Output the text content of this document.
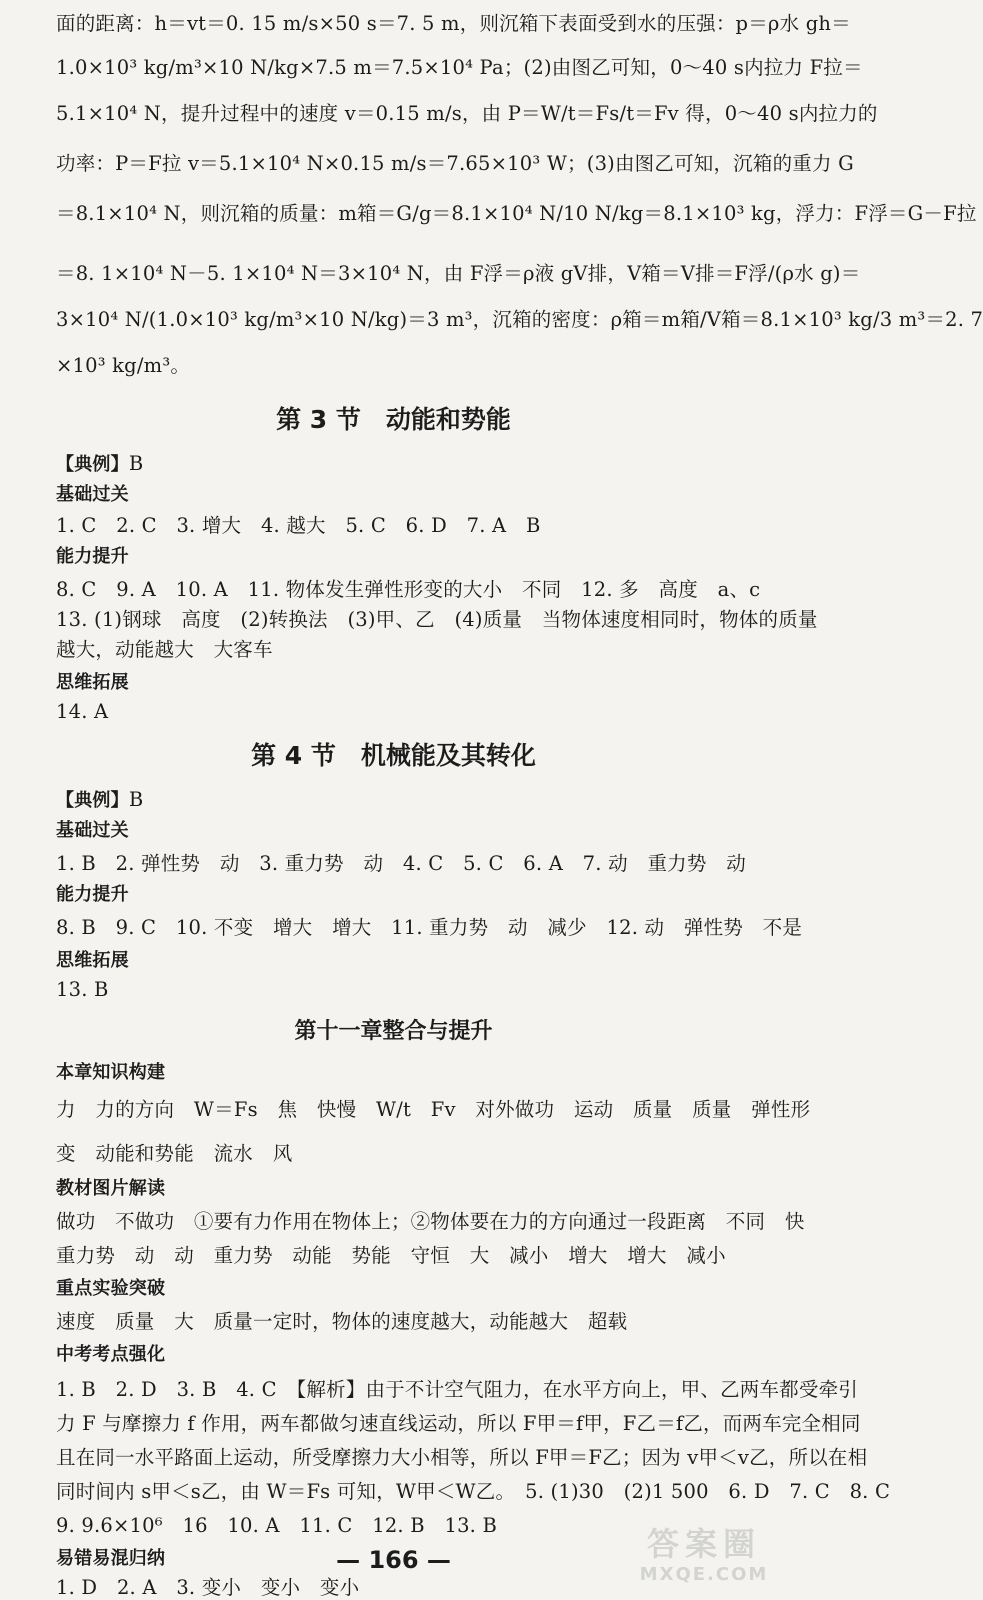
面的距离：h＝vt＝0. 15 m/s×50 s＝7. 5 m，则沉箱下表面受到水的压强：p＝ρ水 gh＝
1.0×10³ kg/m³×10 N/kg×7.5 m＝7.5×10⁴ Pa；(2)由图乙可知，0～40 s内拉力 F拉＝
5.1×10⁴ N，提升过程中的速度 v＝0.15 m/s，由 P＝W/t＝Fs/t＝Fv 得，0～40 s内拉力的
功率：P＝F拉 v＝5.1×10⁴ N×0.15 m/s＝7.65×10³ W；(3)由图乙可知，沉箱的重力 G
＝8.1×10⁴ N，则沉箱的质量：m箱＝G/g＝8.1×10⁴ N/10 N/kg＝8.1×10³ kg，浮力：F浮＝G－F拉
＝8. 1×10⁴ N－5. 1×10⁴ N＝3×10⁴ N，由 F浮＝ρ液 gV排，V箱＝V排＝F浮/(ρ水 g)＝
3×10⁴ N/(1.0×10³ kg/m³×10 N/kg)＝3 m³，沉箱的密度：ρ箱＝m箱/V箱＝8.1×10³ kg/3 m³＝2. 7
×10³ kg/m³。
第 3 节　动能和势能
【典例】B
基础过关
1. C　2. C　3. 增大　4. 越大　5. C　6. D　7. A　B
能力提升
8. C　9. A　10. A　11. 物体发生弹性形变的大小　不同　12. 多　高度　a、c
13. (1)钢球　高度　(2)转换法　(3)甲、乙　(4)质量　当物体速度相同时，物体的质量
越大，动能越大　大客车
思维拓展
14. A
第 4 节　机械能及其转化
【典例】B
基础过关
1. B　2. 弹性势　动　3. 重力势　动　4. C　5. C　6. A　7. 动　重力势　动
能力提升
8. B　9. C　10. 不变　增大　增大　11. 重力势　动　减少　12. 动　弹性势　不是
思维拓展
13. B
第十一章整合与提升
本章知识构建
力　力的方向　W＝Fs　焦　快慢　W/t　Fv　对外做功　运动　质量　质量　弹性形
变　动能和势能　流水　风
教材图片解读
做功　不做功　①要有力作用在物体上；②物体要在力的方向通过一段距离　不同　快
重力势　动　动　重力势　动能　势能　守恒　大　减小　增大　增大　减小
重点实验突破
速度　质量　大　质量一定时，物体的速度越大，动能越大　超载
中考考点强化
1. B　2. D　3. B　4. C　【解析】由于不计空气阻力，在水平方向上，甲、乙两车都受牵引
力 F 与摩擦力 f 作用，两车都做匀速直线运动，所以 F甲＝f甲，F乙＝f乙，而两车完全相同
且在同一水平路面上运动，所受摩擦力大小相等，所以 F甲＝F乙；因为 v甲＜v乙，所以在相
同时间内 s甲＜s乙，由 W＝Fs 可知，W甲＜W乙。　5. (1)30　(2)1 500　6. D　7. C　8. C
9. 9.6×10⁶　16　10. A　11. C　12. B　13. B
易错易混归纳
1. D　2. A　3. 变小　变小　变小
— 166 —	答案圈
MXQE.COM
